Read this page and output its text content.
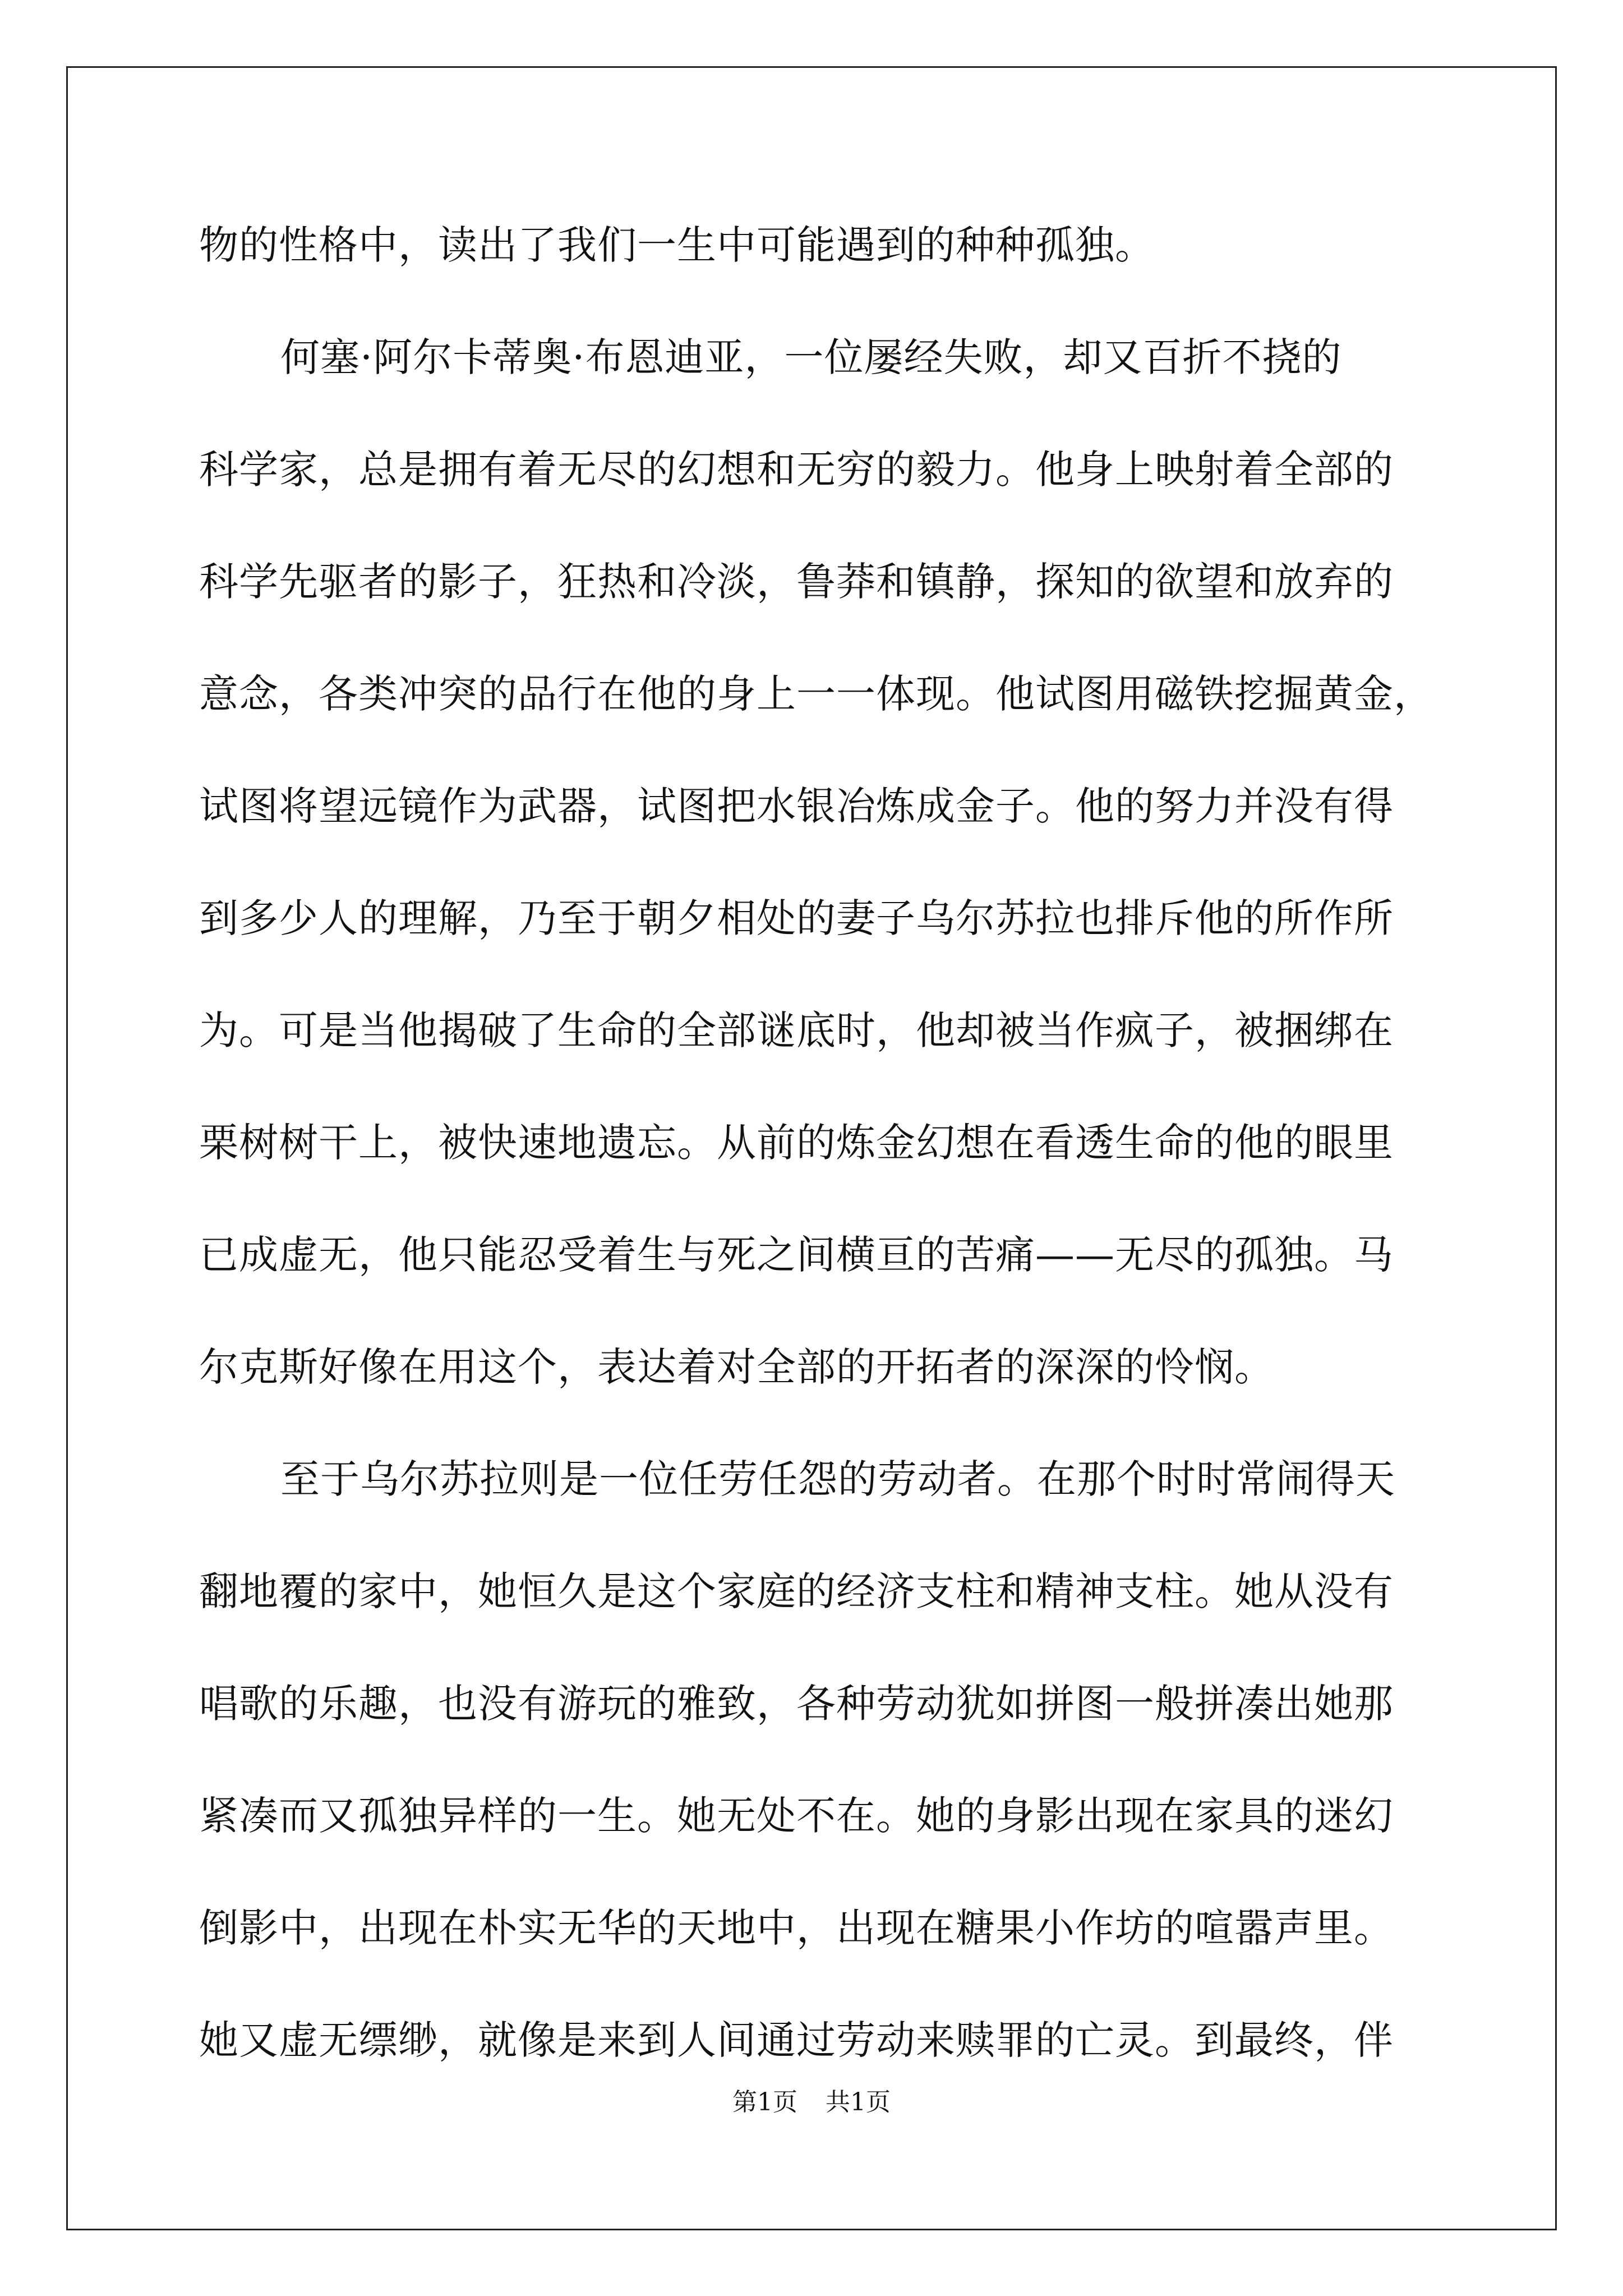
物的性格中，读出了我们一生中可能遇到的种种孤独。
何塞·阿尔卡蒂奥·布恩迪亚，一位屡经失败，却又百折不挠的
科学家，总是拥有着无尽的幻想和无穷的毅力。他身上映射着全部的
科学先驱者的影子，狂热和冷淡，鲁莽和镇静，探知的欲望和放弃的
意念，各类冲突的品行在他的身上一一体现。他试图用磁铁挖掘黄金，
试图将望远镜作为武器，试图把水银冶炼成金子。他的努力并没有得
到多少人的理解，乃至于朝夕相处的妻子乌尔苏拉也排斥他的所作所
为。可是当他揭破了生命的全部谜底时，他却被当作疯子，被捆绑在
栗树树干上，被快速地遗忘。从前的炼金幻想在看透生命的他的眼里
已成虚无，他只能忍受着生与死之间横亘的苦痛——无尽的孤独。马
尔克斯好像在用这个，表达着对全部的开拓者的深深的怜悯。
至于乌尔苏拉则是一位任劳任怨的劳动者。在那个时时常闹得天
翻地覆的家中，她恒久是这个家庭的经济支柱和精神支柱。她从没有
唱歌的乐趣，也没有游玩的雅致，各种劳动犹如拼图一般拼凑出她那
紧凑而又孤独异样的一生。她无处不在。她的身影出现在家具的迷幻
倒影中，出现在朴实无华的天地中，出现在糖果小作坊的喧嚣声里。
她又虚无缥缈，就像是来到人间通过劳动来赎罪的亡灵。到最终，伴
第1页 共1页
